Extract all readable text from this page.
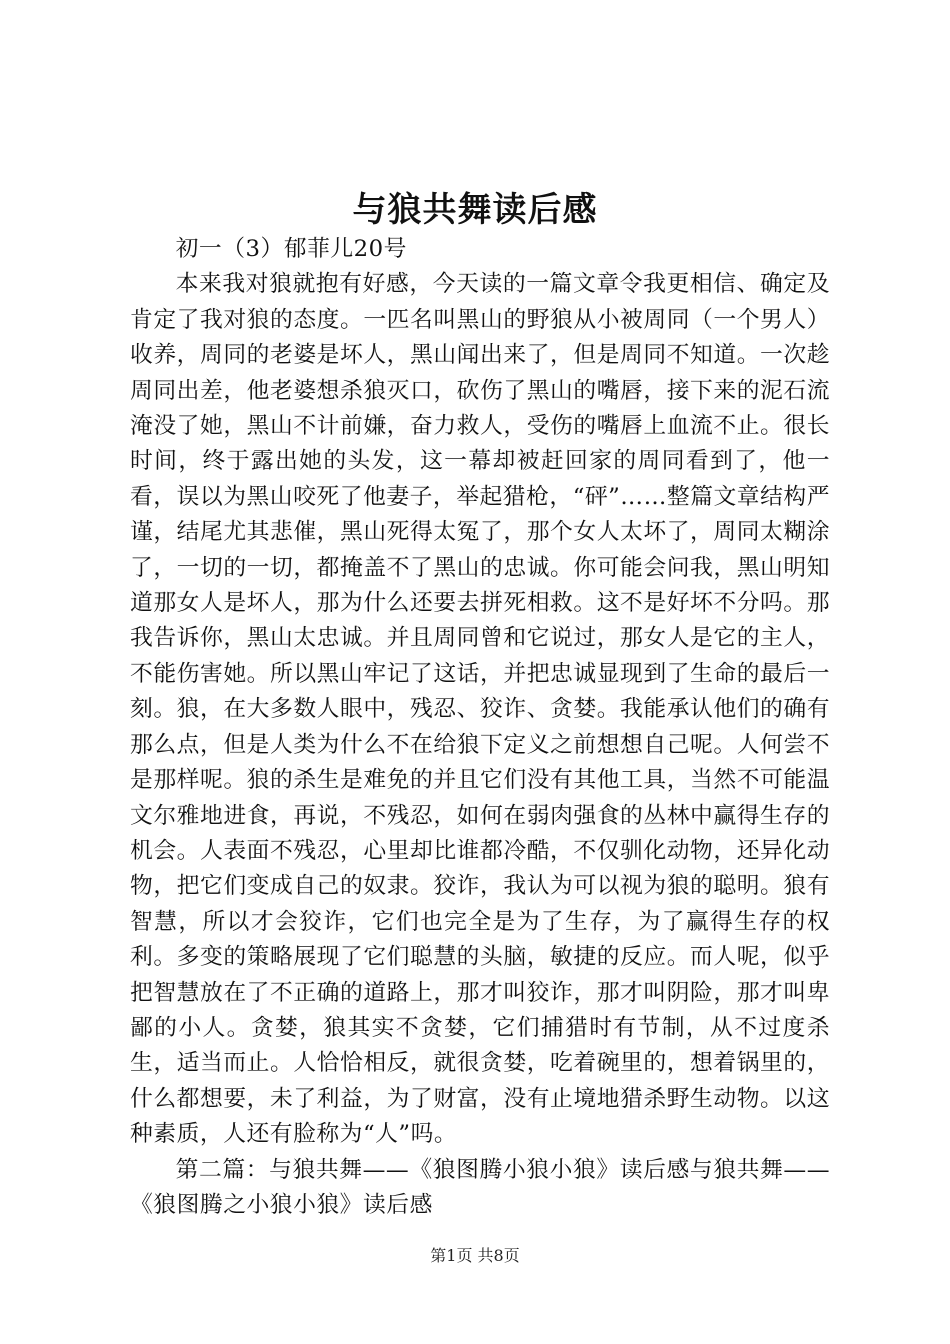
与狼共舞读后感

初一（3）郁菲儿20号

本来我对狼就抱有好感，今天读的一篇文章令我更相信、确定及肯定了我对狼的态度。一匹名叫黑山的野狼从小被周同（一个男人）收养，周同的老婆是坏人，黑山闻出来了，但是周同不知道。一次趁周同出差，他老婆想杀狼灭口，砍伤了黑山的嘴唇，接下来的泥石流淹没了她，黑山不计前嫌，奋力救人，受伤的嘴唇上血流不止。很长时间，终于露出她的头发，这一幕却被赶回家的周同看到了，他一看，误以为黑山咬死了他妻子，举起猎枪，“砰”……整篇文章结构严谨，结尾尤其悲催，黑山死得太冤了，那个女人太坏了，周同太糊涂了，一切的一切，都掩盖不了黑山的忠诚。你可能会问我，黑山明知道那女人是坏人，那为什么还要去拼死相救。这不是好坏不分吗。那我告诉你，黑山太忠诚。并且周同曾和它说过，那女人是它的主人，不能伤害她。所以黑山牢记了这话，并把忠诚显现到了生命的最后一刻。狼，在大多数人眼中，残忍、狡诈、贪婪。我能承认他们的确有那么点，但是人类为什么不在给狼下定义之前想想自己呢。人何尝不是那样呢。狼的杀生是难免的并且它们没有其他工具，当然不可能温文尔雅地进食，再说，不残忍，如何在弱肉强食的丛林中赢得生存的机会。人表面不残忍，心里却比谁都冷酷，不仅驯化动物，还异化动物，把它们变成自己的奴隶。狡诈，我认为可以视为狼的聪明。狼有智慧，所以才会狡诈，它们也完全是为了生存，为了赢得生存的权利。多变的策略展现了它们聪慧的头脑，敏捷的反应。而人呢，似乎把智慧放在了不正确的道路上，那才叫狡诈，那才叫阴险，那才叫卑鄙的小人。贪婪，狼其实不贪婪，它们捕猎时有节制，从不过度杀生，适当而止。人恰恰相反，就很贪婪，吃着碗里的，想着锅里的，什么都想要，未了利益，为了财富，没有止境地猎杀野生动物。以这种素质，人还有脸称为“人”吗。

第二篇：与狼共舞——《狼图腾小狼小狼》读后感与狼共舞——《狼图腾之小狼小狼》读后感

第1页 共8页
